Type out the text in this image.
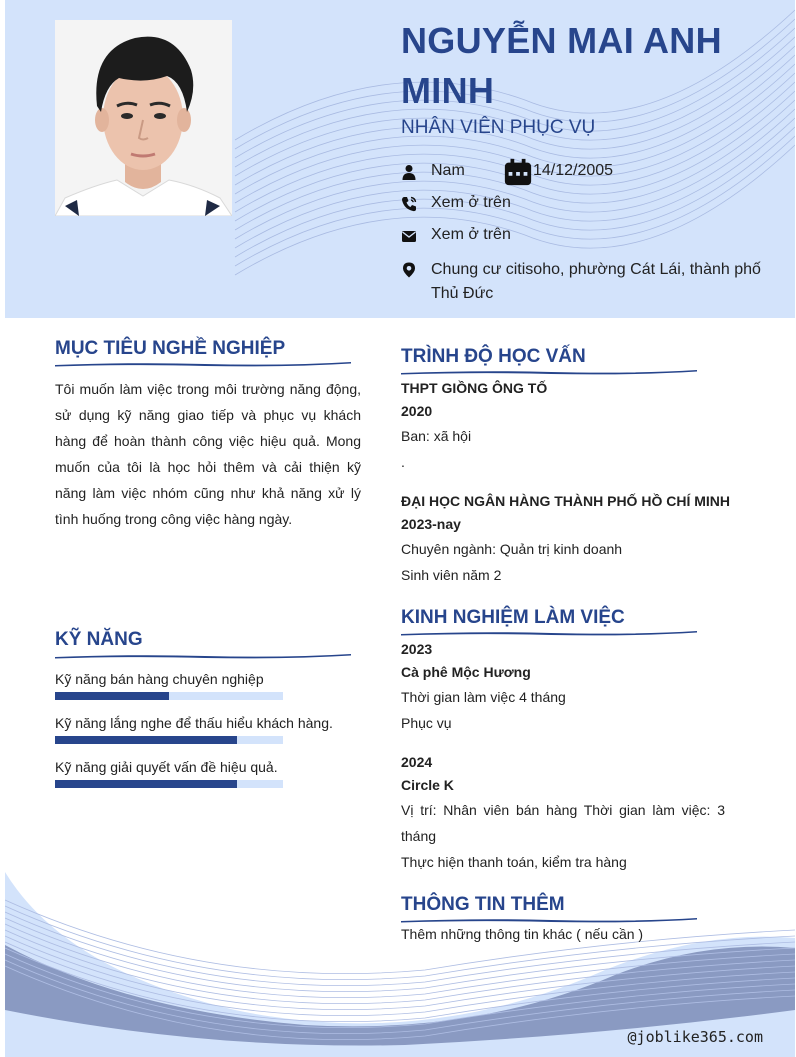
NGUYỄN MAI ANH MINH
NHÂN VIÊN PHỤC VỤ
Nam	14/12/2005
Xem ở trên
Xem ở trên
Chung cư citisoho, phường Cát Lái, thành phố Thủ Đức
MỤC TIÊU NGHỀ NGHIỆP
Tôi muốn làm việc trong môi trường năng động, sử dụng kỹ năng giao tiếp và phục vụ khách hàng để hoàn thành công việc hiệu quả. Mong muốn của tôi là học hỏi thêm và cải thiện kỹ năng làm việc nhóm cũng như khả năng xử lý tình huống trong công việc hàng ngày.
KỸ NĂNG
Kỹ năng bán hàng chuyên nghiệp
Kỹ năng lắng nghe để thấu hiểu khách hàng.
Kỹ năng giải quyết vấn đề hiệu quả.
TRÌNH ĐỘ HỌC VẤN
THPT GIỒNG ÔNG TỐ
2020
Ban: xã hội
.
ĐẠI HỌC NGÂN HÀNG THÀNH PHỐ HỒ CHÍ MINH
2023-nay
Chuyên ngành: Quản trị kinh doanh
Sinh viên năm 2
KINH NGHIỆM LÀM VIỆC
2023
Cà phê Mộc Hương
Thời gian làm việc 4 tháng
Phục vụ
2024
Circle K
Vị trí: Nhân viên bán hàng Thời gian làm việc: 3 tháng
Thực hiện thanh toán, kiểm tra hàng
THÔNG TIN THÊM
Thêm những thông tin khác ( nếu cần )
@joblike365.com
